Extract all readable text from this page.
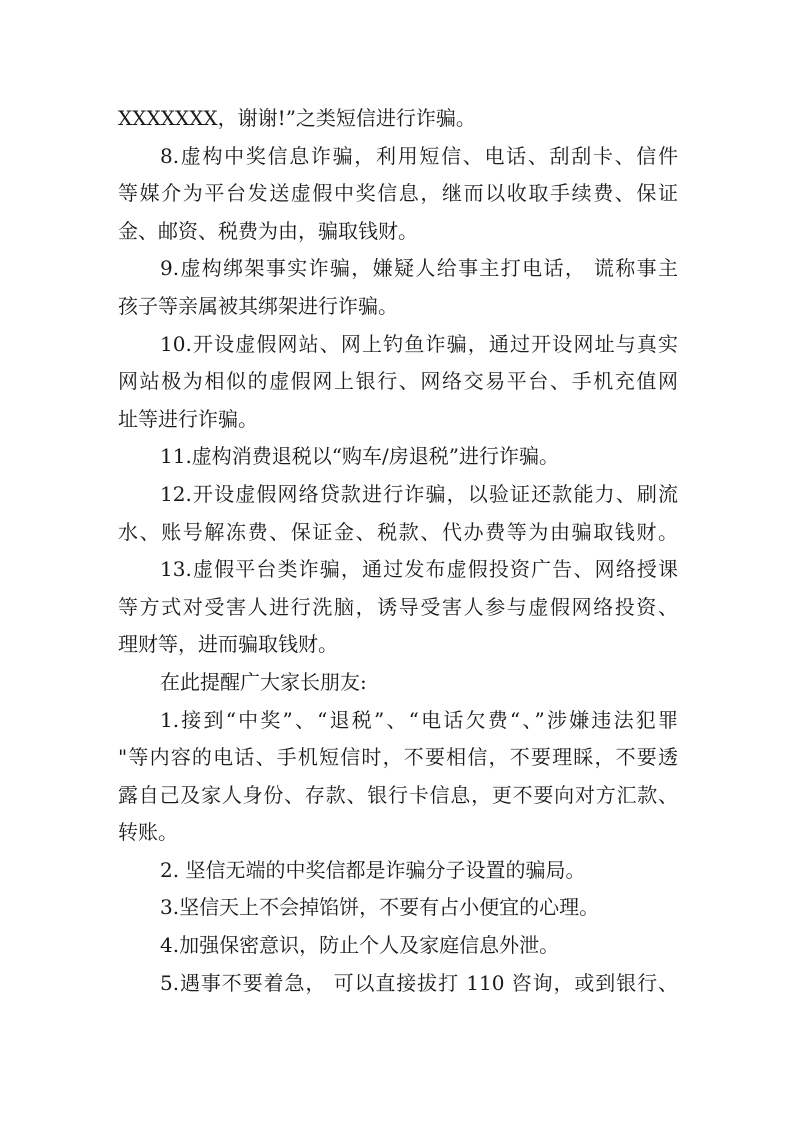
XXXXXXX，谢谢!”之类短信进行诈骗。
8.虚构中奖信息诈骗，利用短信、电话、刮刮卡、信件
等媒介为平台发送虚假中奖信息，继而以收取手续费、保证
金、邮资、税费为由，骗取钱财。
9.虚构绑架事实诈骗，嫌疑人给事主打电话， 谎称事主
孩子等亲属被其绑架进行诈骗。
10.开设虚假网站、网上钓鱼诈骗，通过开设网址与真实
网站极为相似的虚假网上银行、网络交易平台、手机充值网
址等进行诈骗。
11.虚构消费退税以“购车/房退税”进行诈骗。
12.开设虚假网络贷款进行诈骗，以验证还款能力、刷流
水、账号解冻费、保证金、税款、代办费等为由骗取钱财。
13.虚假平台类诈骗，通过发布虚假投资广告、网络授课
等方式对受害人进行洗脑，诱导受害人参与虚假网络投资、
理财等，进而骗取钱财。
在此提醒广大家长朋友:
1.接到“中奖”、“退税”、“电话欠费“、”涉嫌违法犯罪
"等内容的电话、手机短信时，不要相信，不要理睬，不要透
露自己及家人身份、存款、银行卡信息，更不要向对方汇款、
转账。
2. 坚信无端的中奖信都是诈骗分子设置的骗局。
3.坚信天上不会掉馅饼，不要有占小便宜的心理。
4.加强保密意识，防止个人及家庭信息外泄。
5.遇事不要着急， 可以直接拔打 110 咨询，或到银行、
